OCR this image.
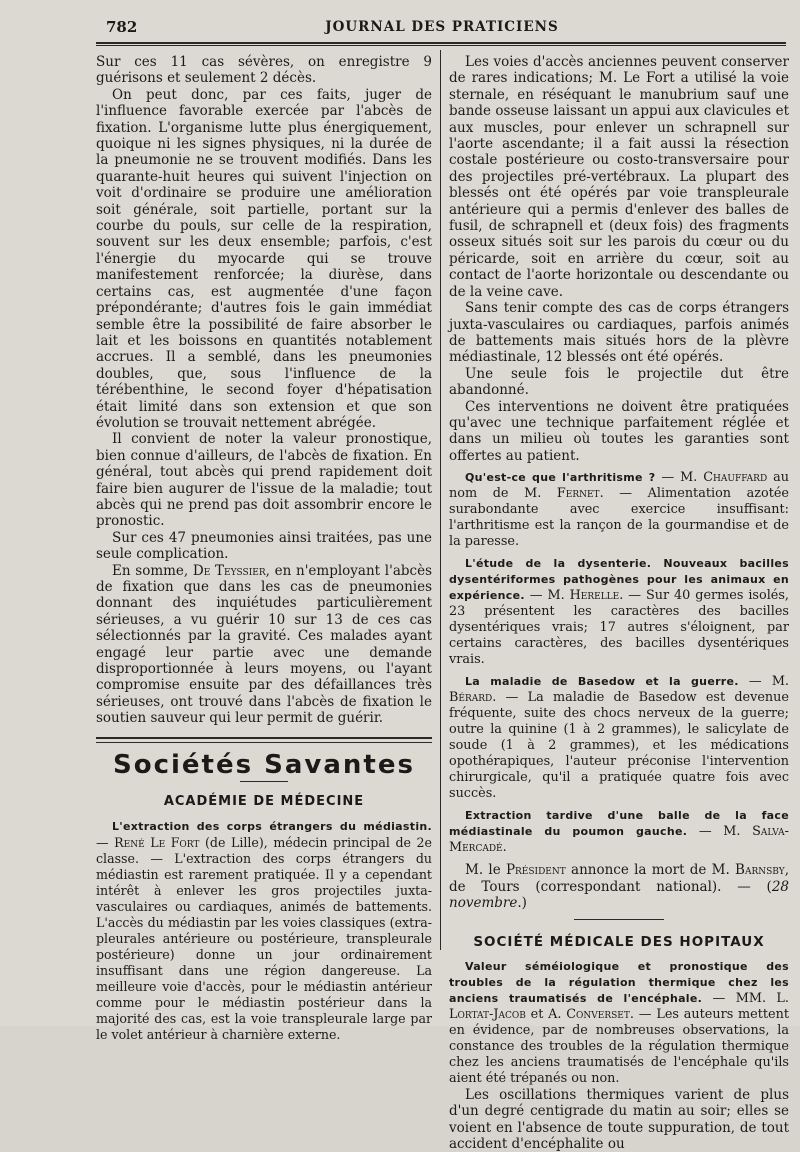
782	JOURNAL DES PRATICIENS

Sur ces 11 cas sévères, on enregistre 9 guérisons et seulement 2 décès.

On peut donc, par ces faits, juger de l'influence favorable exercée par l'abcès de fixation. L'organisme lutte plus énergiquement, quoique ni les signes physiques, ni la durée de la pneumonie ne se trouvent modifiés. Dans les quarante-huit heures qui suivent l'injection on voit d'ordinaire se produire une amélioration soit générale, soit partielle, portant sur la courbe du pouls, sur celle de la respiration, souvent sur les deux ensemble; parfois, c'est l'énergie du myocarde qui se trouve manifestement renforcée; la diurèse, dans certains cas, est augmentée d'une façon prépondérante; d'autres fois le gain immédiat semble être la possibilité de faire absorber le lait et les boissons en quantités notablement accrues. Il a semblé, dans les pneumonies doubles, que, sous l'influence de la térébenthine, le second foyer d'hépatisation était limité dans son extension et que son évolution se trouvait nettement abrégée.

Il convient de noter la valeur pronostique, bien connue d'ailleurs, de l'abcès de fixation. En général, tout abcès qui prend rapidement doit faire bien augurer de l'issue de la maladie; tout abcès qui ne prend pas doit assombrir encore le pronostic.

Sur ces 47 pneumonies ainsi traitées, pas une seule complication.

En somme, De Teyssier, en n'employant l'abcès de fixation que dans les cas de pneumonies donnant des inquiétudes particulièrement sérieuses, a vu guérir 10 sur 13 de ces cas sélectionnés par la gravité. Ces malades ayant engagé leur partie avec une demande disproportionnée à leurs moyens, ou l'ayant compromise ensuite par des défaillances très sérieuses, ont trouvé dans l'abcès de fixation le soutien sauveur qui leur permit de guérir.

Sociétés Savantes
ACADÉMIE DE MÉDECINE

L'extraction des corps étrangers du médiastin. — René Le Fort (de Lille), médecin principal de 2e classe. — L'extraction des corps étrangers du médiastin est rarement pratiquée. Il y a cependant intérêt à enlever les gros projectiles juxta-vasculaires ou cardiaques, animés de battements. L'accès du médiastin par les voies classiques (extra-pleurales antérieure ou postérieure, transpleurale postérieure) donne un jour ordinairement insuffisant dans une région dangereuse. La meilleure voie d'accès, pour le médiastin antérieur comme pour le médiastin postérieur dans la majorité des cas, est la voie transpleurale large par le volet antérieur à charnière externe.

Les voies d'accès anciennes peuvent conserver de rares indications; M. Le Fort a utilisé la voie sternale, en réséquant le manubrium sauf une bande osseuse laissant un appui aux clavicules et aux muscles, pour enlever un schrapnell sur l'aorte ascendante; il a fait aussi la résection costale postérieure ou costo-transversaire pour des projectiles pré-vertébraux. La plupart des blessés ont été opérés par voie transpleurale antérieure qui a permis d'enlever des balles de fusil, de schrapnell et (deux fois) des fragments osseux situés soit sur les parois du cœur ou du péricarde, soit en arrière du cœur, soit au contact de l'aorte horizontale ou descendante ou de la veine cave.

Sans tenir compte des cas de corps étrangers juxta-vasculaires ou cardiaques, parfois animés de battements mais situés hors de la plèvre médiastinale, 12 blessés ont été opérés.

Une seule fois le projectile dut être abandonné.

Ces interventions ne doivent être pratiquées qu'avec une technique parfaitement réglée et dans un milieu où toutes les garanties sont offertes au patient.

Qu'est-ce que l'arthritisme ? — M. Chauffard au nom de M. Fernet. — Alimentation azotée surabondante avec exercice insuffisant: l'arthritisme est la rançon de la gourmandise et de la paresse.

L'étude de la dysenterie. Nouveaux bacilles dysentériformes pathogènes pour les animaux en expérience. — M. Herelle. — Sur 40 germes isolés, 23 présentent les caractères des bacilles dysentériques vrais; 17 autres s'éloignent, par certains caractères, des bacilles dysentériques vrais.

La maladie de Basedow et la guerre. — M. Bérard. — La maladie de Basedow est devenue fréquente, suite des chocs nerveux de la guerre; outre la quinine (1 à 2 grammes), le salicylate de soude (1 à 2 grammes), et les médications opothérapiques, l'auteur préconise l'intervention chirurgicale, qu'il a pratiquée quatre fois avec succès.

Extraction tardive d'une balle de la face médiastinale du poumon gauche. — M. Salva-Mercadé.

M. le Président annonce la mort de M. Barnsby, de Tours (correspondant national). — (28 novembre.)

SOCIÉTÉ MÉDICALE DES HOPITAUX

Valeur séméiologique et pronostique des troubles de la régulation thermique chez les anciens traumatisés de l'encéphale. — MM. L. Lortat-Jacob et A. Converset. — Les auteurs mettent en évidence, par de nombreuses observations, la constance des troubles de la régulation thermique chez les anciens traumatisés de l'encéphale qu'ils aient été trépanés ou non.

Les oscillations thermiques varient de plus d'un degré centigrade du matin au soir; elles se voient en l'absence de toute suppuration, de tout accident d'encéphalite ou
